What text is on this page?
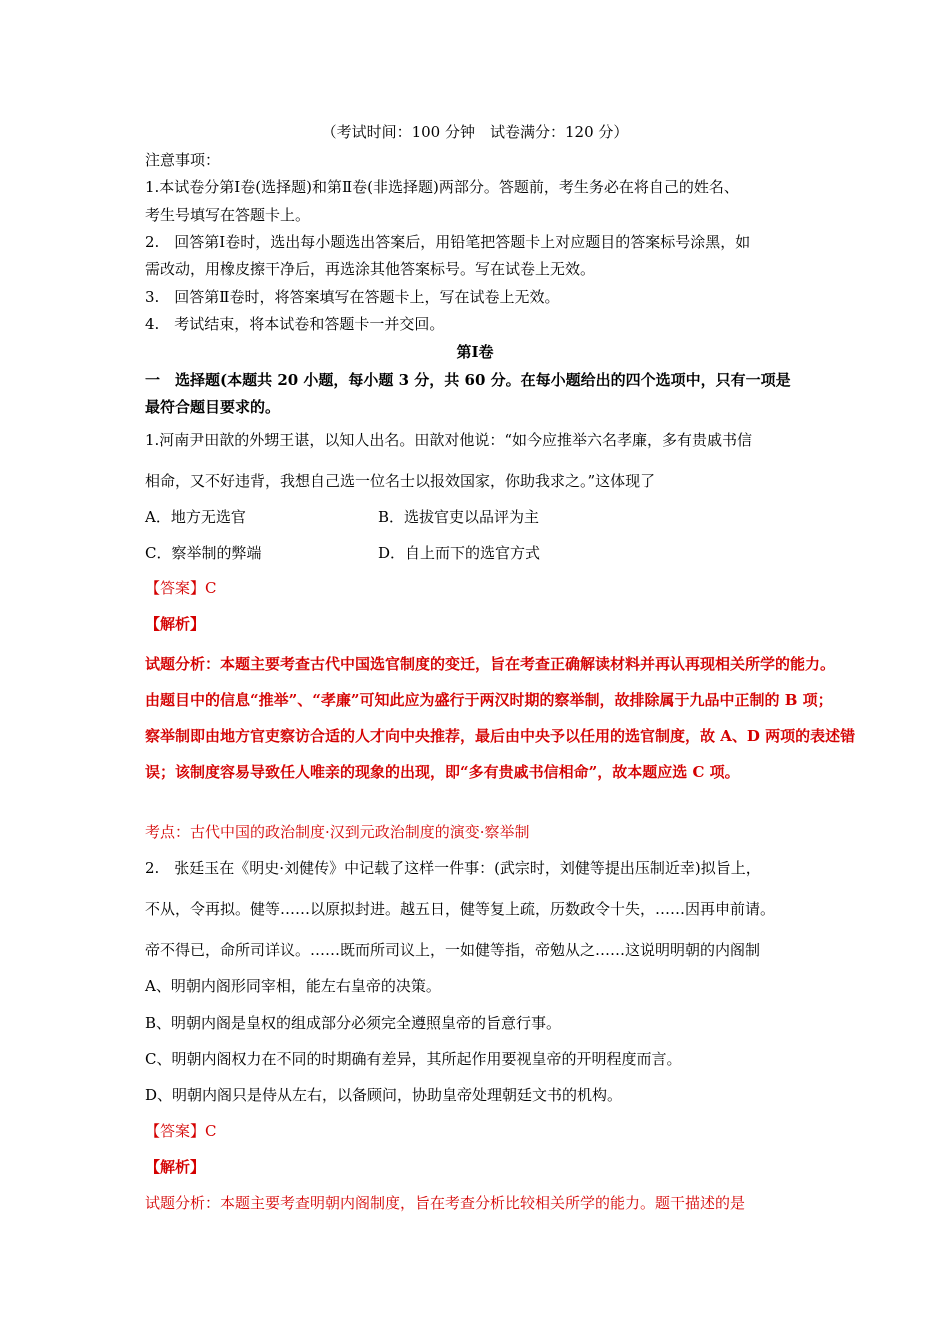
（考试时间：100 分钟　试卷满分：120 分）
注意事项：
1.本试卷分第Ⅰ卷(选择题)和第Ⅱ卷(非选择题)两部分。答题前，考生务必在将自己的姓名、
考生号填写在答题卡上。
2.　回答第Ⅰ卷时，选出每小题选出答案后，用铅笔把答题卡上对应题目的答案标号涂黑，如
需改动，用橡皮擦干净后，再选涂其他答案标号。写在试卷上无效。
3.　回答第Ⅱ卷时，将答案填写在答题卡上，写在试卷上无效。
4.　考试结束，将本试卷和答题卡一并交回。
第Ⅰ卷
一　选择题(本题共 20 小题，每小题 3 分，共 60 分。在每小题给出的四个选项中，只有一项是
最符合题目要求的。
1.河南尹田歆的外甥王谌，以知人出名。田歆对他说：“如今应推举六名孝廉，多有贵戚书信
相命，又不好违背，我想自己选一位名士以报效国家，你助我求之。”这体现了
A．地方无选官	B．选拔官吏以品评为主
C．察举制的弊端	D．自上而下的选官方式
【答案】C
【解析】
试题分析：本题主要考查古代中国选官制度的变迁，旨在考查正确解读材料并再认再现相关所学的能力。
由题目中的信息“推举”、“孝廉”可知此应为盛行于两汉时期的察举制，故排除属于九品中正制的 B 项；
察举制即由地方官吏察访合适的人才向中央推荐，最后由中央予以任用的选官制度，故 A、D 两项的表述错
误；该制度容易导致任人唯亲的现象的出现，即“多有贵戚书信相命”，故本题应选 C 项。
考点：古代中国的政治制度·汉到元政治制度的演变·察举制
2.　张廷玉在《明史·刘健传》中记载了这样一件事：(武宗时，刘健等提出压制近幸)拟旨上，
不从，令再拟。健等……以原拟封进。越五日，健等复上疏，历数政令十失，……因再申前请。
帝不得已，命所司详议。……既而所司议上，一如健等指，帝勉从之……这说明明朝的内阁制
A、明朝内阁形同宰相，能左右皇帝的决策。
B、明朝内阁是皇权的组成部分必须完全遵照皇帝的旨意行事。
C、明朝内阁权力在不同的时期确有差异，其所起作用要视皇帝的开明程度而言。
D、明朝内阁只是侍从左右，以备顾问，协助皇帝处理朝廷文书的机构。
【答案】C
【解析】
试题分析：本题主要考查明朝内阁制度，旨在考查分析比较相关所学的能力。题干描述的是
